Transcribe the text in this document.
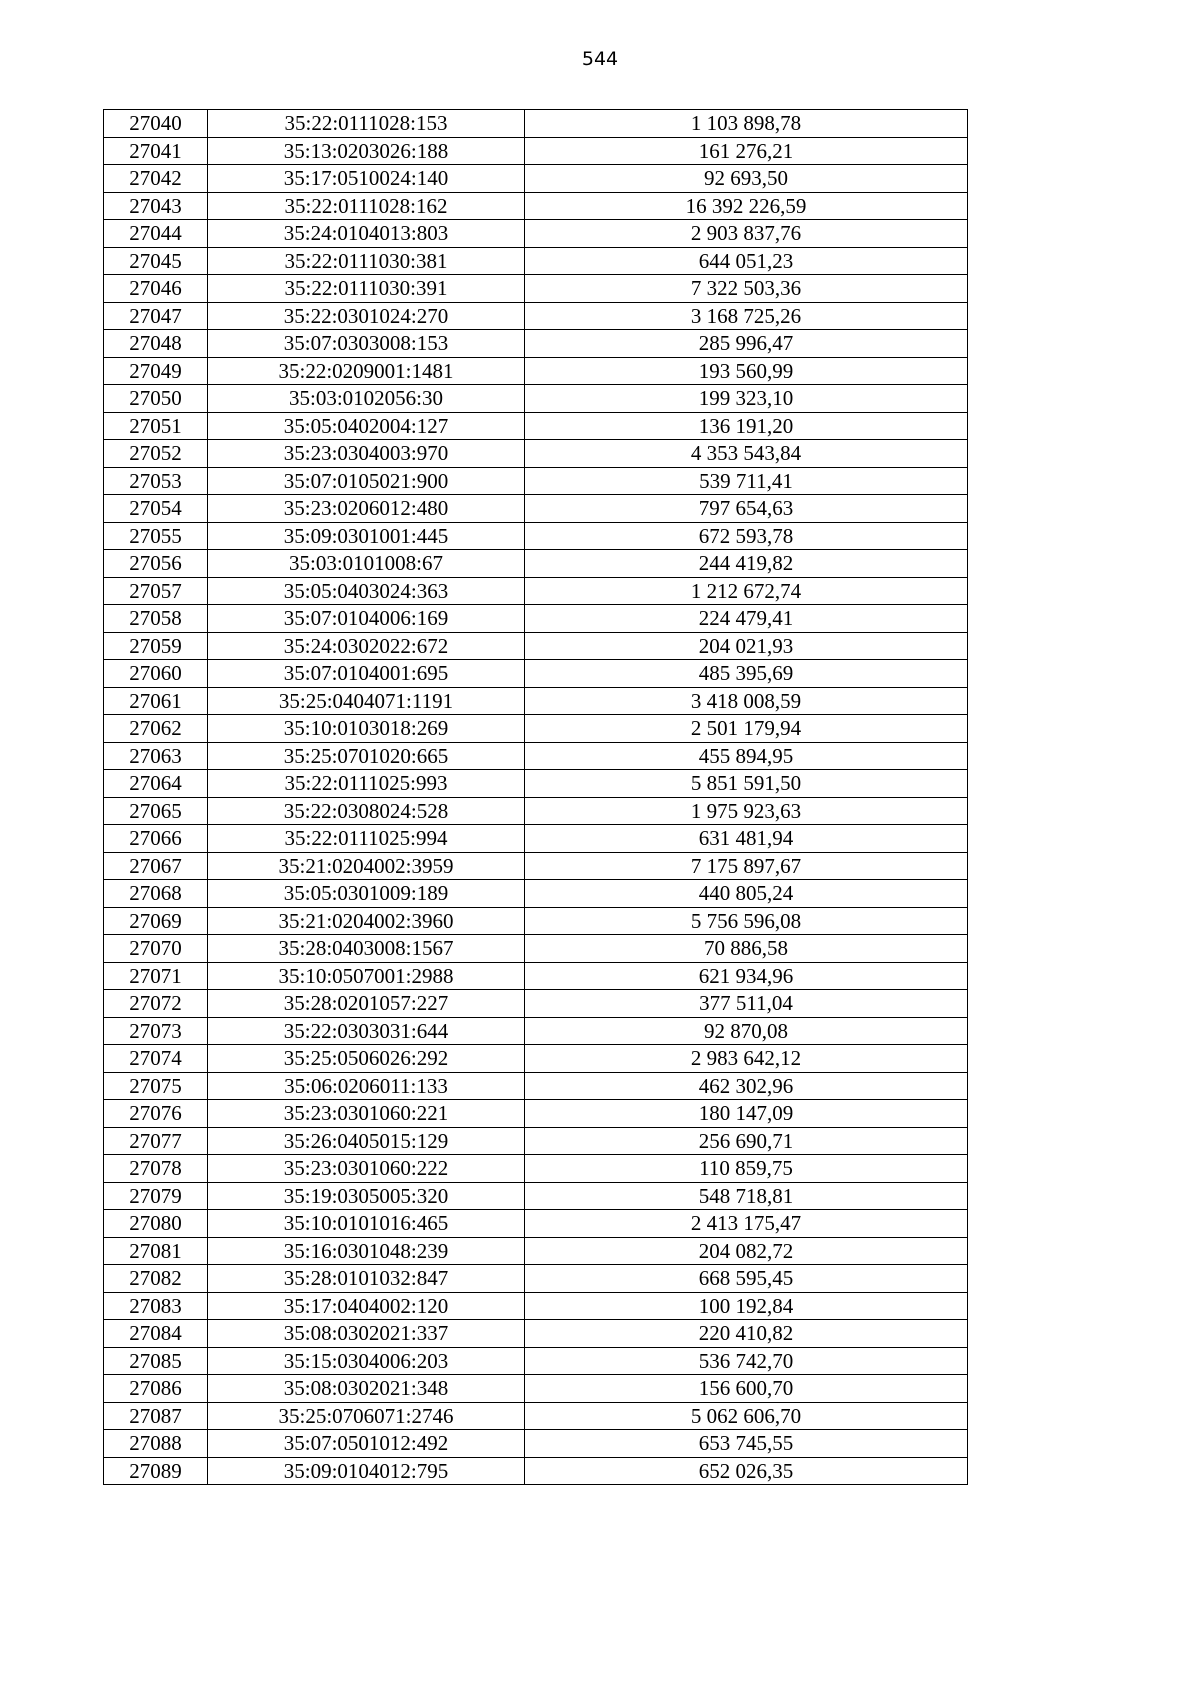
544
27040	35:22:0111028:153	1 103 898,78
27041	35:13:0203026:188	161 276,21
27042	35:17:0510024:140	92 693,50
27043	35:22:0111028:162	16 392 226,59
27044	35:24:0104013:803	2 903 837,76
27045	35:22:0111030:381	644 051,23
27046	35:22:0111030:391	7 322 503,36
27047	35:22:0301024:270	3 168 725,26
27048	35:07:0303008:153	285 996,47
27049	35:22:0209001:1481	193 560,99
27050	35:03:0102056:30	199 323,10
27051	35:05:0402004:127	136 191,20
27052	35:23:0304003:970	4 353 543,84
27053	35:07:0105021:900	539 711,41
27054	35:23:0206012:480	797 654,63
27055	35:09:0301001:445	672 593,78
27056	35:03:0101008:67	244 419,82
27057	35:05:0403024:363	1 212 672,74
27058	35:07:0104006:169	224 479,41
27059	35:24:0302022:672	204 021,93
27060	35:07:0104001:695	485 395,69
27061	35:25:0404071:1191	3 418 008,59
27062	35:10:0103018:269	2 501 179,94
27063	35:25:0701020:665	455 894,95
27064	35:22:0111025:993	5 851 591,50
27065	35:22:0308024:528	1 975 923,63
27066	35:22:0111025:994	631 481,94
27067	35:21:0204002:3959	7 175 897,67
27068	35:05:0301009:189	440 805,24
27069	35:21:0204002:3960	5 756 596,08
27070	35:28:0403008:1567	70 886,58
27071	35:10:0507001:2988	621 934,96
27072	35:28:0201057:227	377 511,04
27073	35:22:0303031:644	92 870,08
27074	35:25:0506026:292	2 983 642,12
27075	35:06:0206011:133	462 302,96
27076	35:23:0301060:221	180 147,09
27077	35:26:0405015:129	256 690,71
27078	35:23:0301060:222	110 859,75
27079	35:19:0305005:320	548 718,81
27080	35:10:0101016:465	2 413 175,47
27081	35:16:0301048:239	204 082,72
27082	35:28:0101032:847	668 595,45
27083	35:17:0404002:120	100 192,84
27084	35:08:0302021:337	220 410,82
27085	35:15:0304006:203	536 742,70
27086	35:08:0302021:348	156 600,70
27087	35:25:0706071:2746	5 062 606,70
27088	35:07:0501012:492	653 745,55
27089	35:09:0104012:795	652 026,35
